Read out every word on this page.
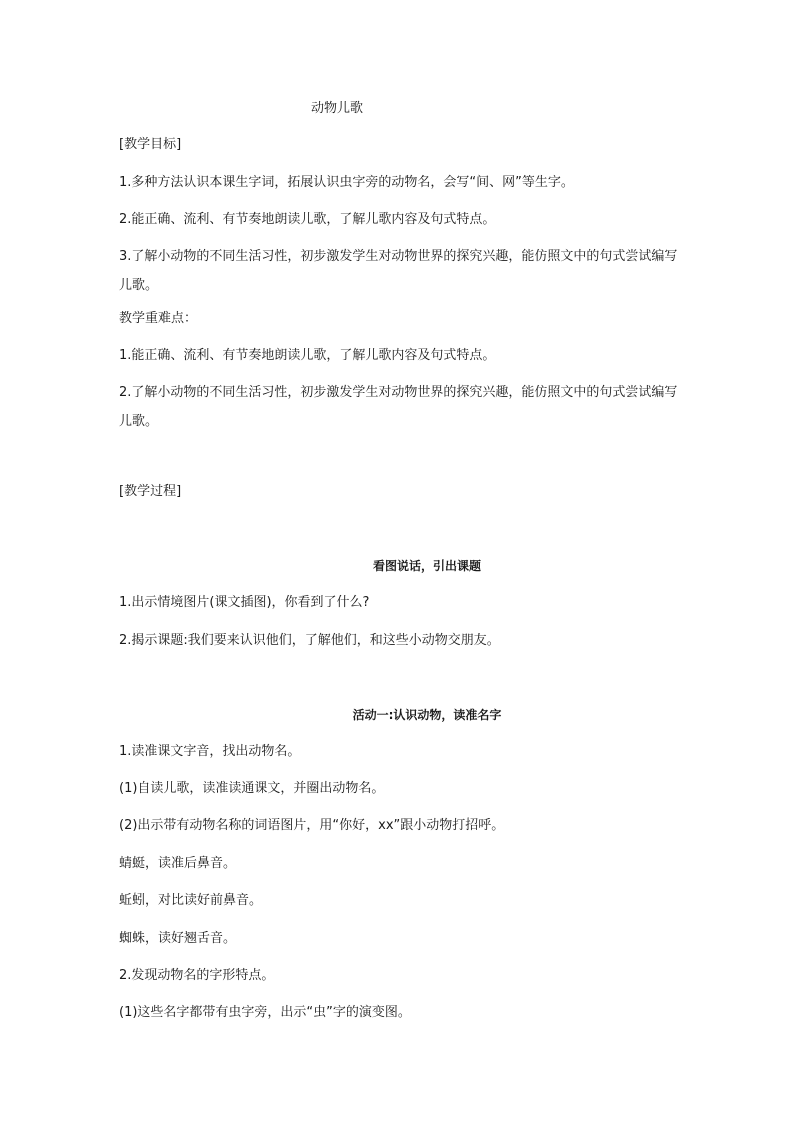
动物儿歌
[教学目标]
1.多种方法认识本课生字词，拓展认识虫字旁的动物名，会写“间、网”等生字。
2.能正确、流利、有节奏地朗读儿歌，了解儿歌内容及句式特点。
3.了解小动物的不同生活习性，初步激发学生对动物世界的探究兴趣，能仿照文中的句式尝试编写儿歌。
教学重难点：
1.能正确、流利、有节奏地朗读儿歌，了解儿歌内容及句式特点。
2.了解小动物的不同生活习性，初步激发学生对动物世界的探究兴趣，能仿照文中的句式尝试编写儿歌。
[教学过程]
看图说话，引出课题
1.出示情境图片(课文插图)，你看到了什么?
2.揭示课题:我们要来认识他们，了解他们，和这些小动物交朋友。
活动一:认识动物，读准名字
1.读准课文字音，找出动物名。
(1)自读儿歌，读准读通课文，并圈出动物名。
(2)出示带有动物名称的词语图片，用“你好，xx”跟小动物打招呼。
蜻蜓，读准后鼻音。
蚯蚓，对比读好前鼻音。
蜘蛛，读好翘舌音。
2.发现动物名的字形特点。
(1)这些名字都带有虫字旁，出示“虫”字的演变图。
